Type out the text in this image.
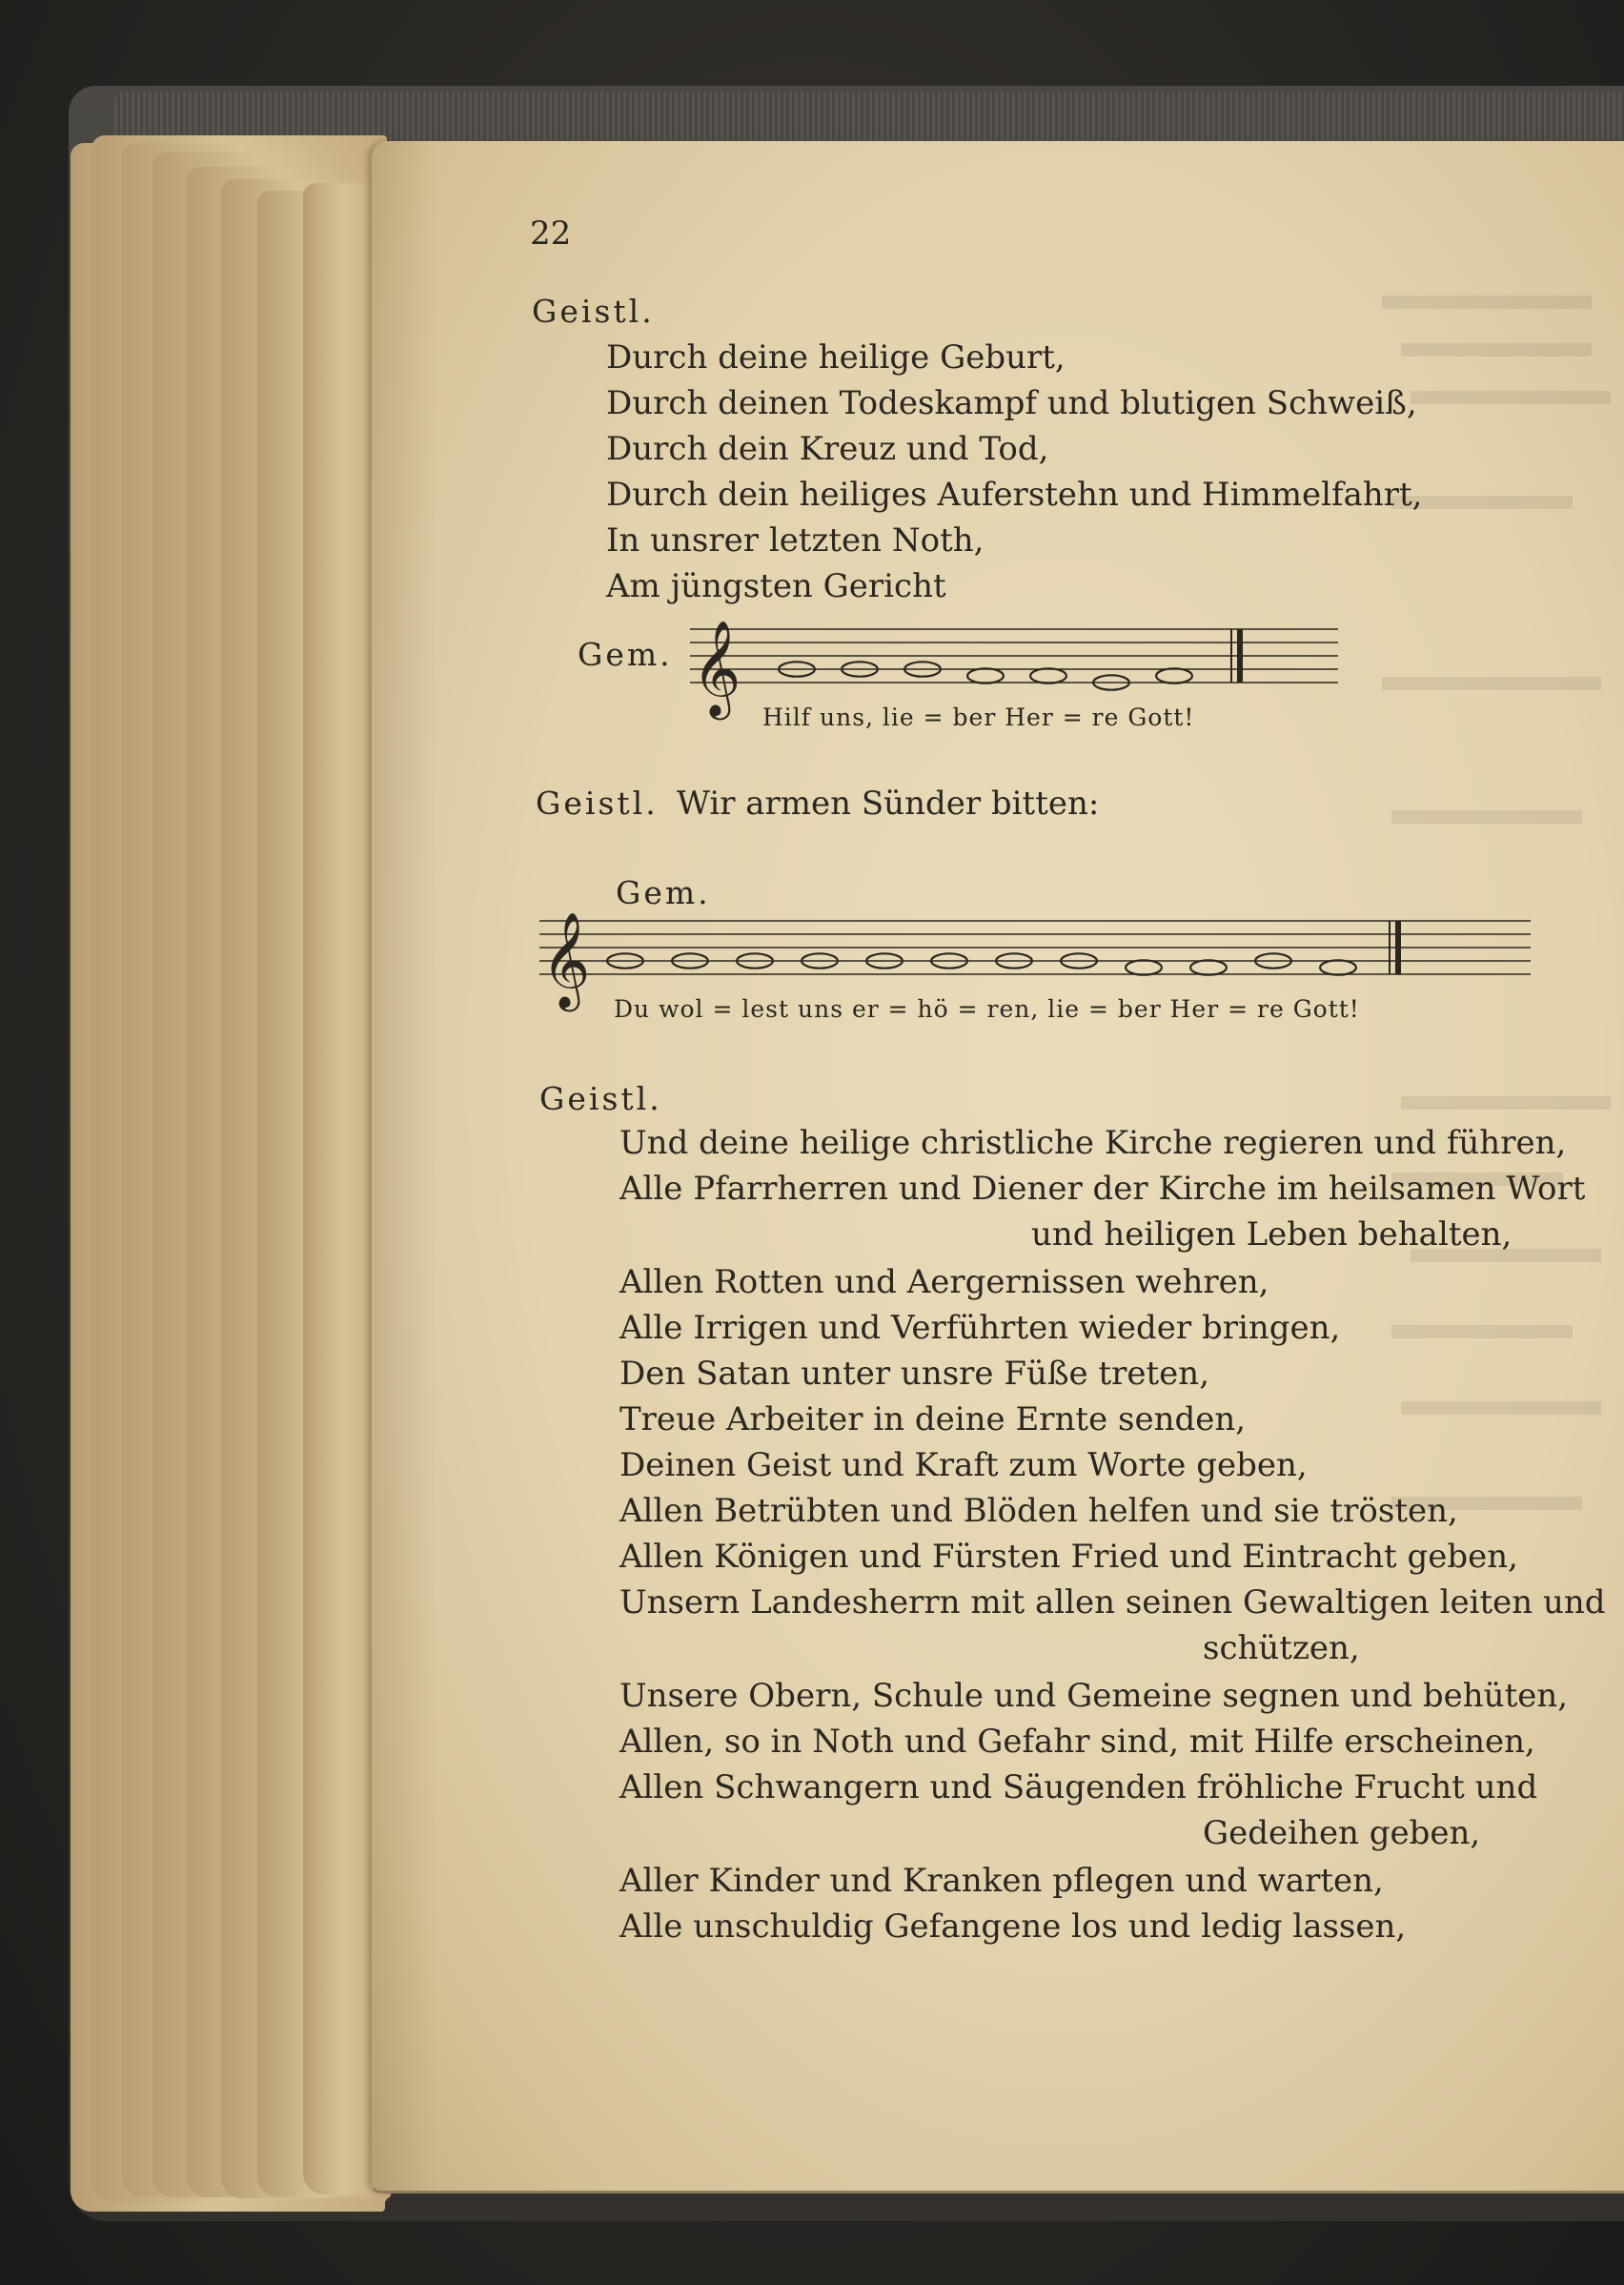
22
Geistl.
Durch deine heilige Geburt,
Durch deinen Todeskampf und blutigen Schweiß,
Durch dein Kreuz und Tod,
Durch dein heiliges Auferstehn und Himmelfahrt,
In unsrer letzten Noth,
Am jüngsten Gericht
Gem. 𝄞
Hilf uns, lie = ber Her = re Gott!
Geistl. Wir armen Sünder bitten:
Gem.
𝄞
Du wol = lest uns er = hö = ren, lie = ber Her = re Gott!
Geistl.
Und deine heilige christliche Kirche regieren und führen,
Alle Pfarrherren und Diener der Kirche im heilsamen Wort
und heiligen Leben behalten,
Allen Rotten und Aergernissen wehren,
Alle Irrigen und Verführten wieder bringen,
Den Satan unter unsre Füße treten,
Treue Arbeiter in deine Ernte senden,
Deinen Geist und Kraft zum Worte geben,
Allen Betrübten und Blöden helfen und sie trösten,
Allen Königen und Fürsten Fried und Eintracht geben,
Unsern Landesherrn mit allen seinen Gewaltigen leiten und
schützen,
Unsere Obern, Schule und Gemeine segnen und behüten,
Allen, so in Noth und Gefahr sind, mit Hilfe erscheinen,
Allen Schwangern und Säugenden fröhliche Frucht und
Gedeihen geben,
Aller Kinder und Kranken pflegen und warten,
Alle unschuldig Gefangene los und ledig lassen,
